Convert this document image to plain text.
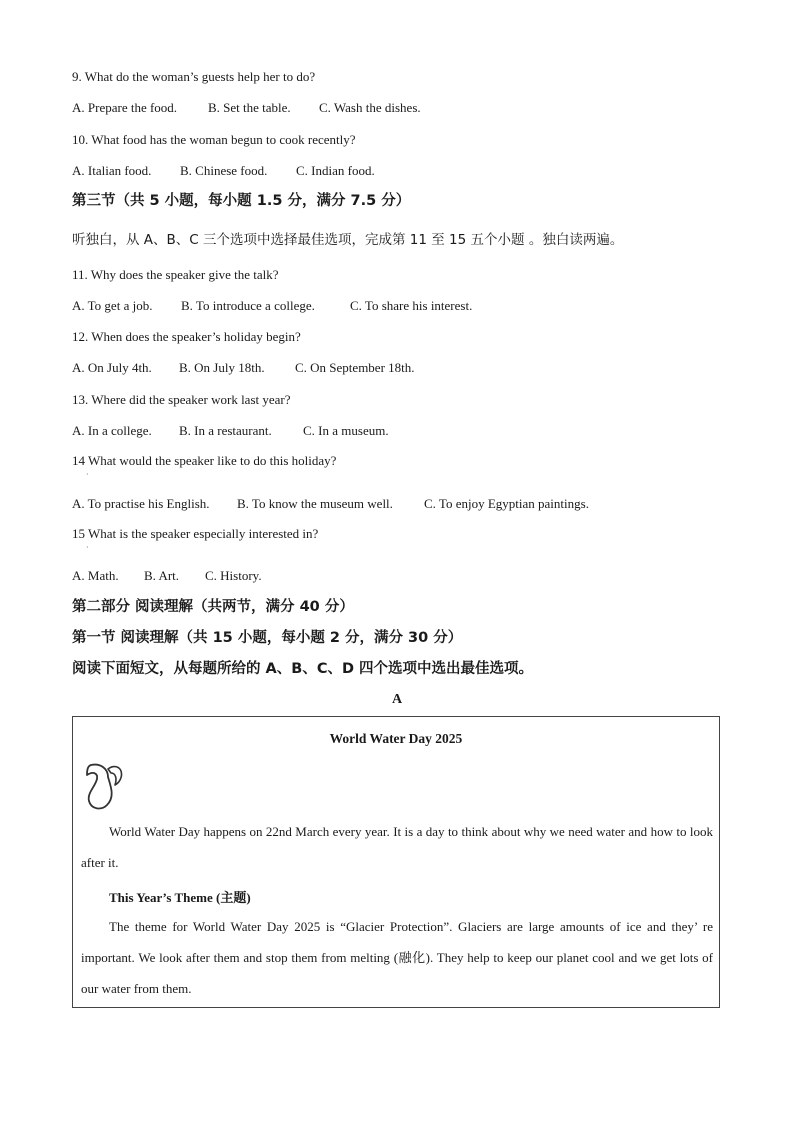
9. What do the woman’s guests help her to do?
A. Prepare the food. B. Set the table. C. Wash the dishes.
10. What food has the woman begun to cook recently?
A. Italian food. B. Chinese food. C. Indian food.
第三节（共 5 小题，每小题 1.5 分，满分 7.5 分）
听独白，从 A、B、C 三个选项中选择最佳选项，完成第 11 至 15 五个小题 。独白读两遍。
11. Why does the speaker give the talk?
A. To get a job. B. To introduce a college.	C. To share his interest.
12. When does the speaker’s holiday begin?
A. On July 4th. B. On July 18th. C. On September 18th.
13. Where did the speaker work last year?
A. In a college. B. In a restaurant. C. In a museum.
14 What would the speaker like to do this holiday?
·
A. To practise his English. B. To know the museum well. C. To enjoy Egyptian paintings.
15 What is the speaker especially interested in?
·
A. Math. B. Art. C. History.
第二部分 阅读理解（共两节，满分 40 分）
第一节 阅读理解（共 15 小题，每小题 2 分，满分 30 分）
阅读下面短文，从每题所给的 A、B、C、D 四个选项中选出最佳选项。
A
World Water Day 2025
World Water Day happens on 22nd March every year. It is a day to think about why we need water and how to look after it.
This Year’s Theme (主题)
The theme for World Water Day 2025 is “Glacier Protection”. Glaciers are large amounts of ice and they’ re important. We look after them and stop them from melting (融化). They help to keep our planet cool and we get lots of our water from them.
